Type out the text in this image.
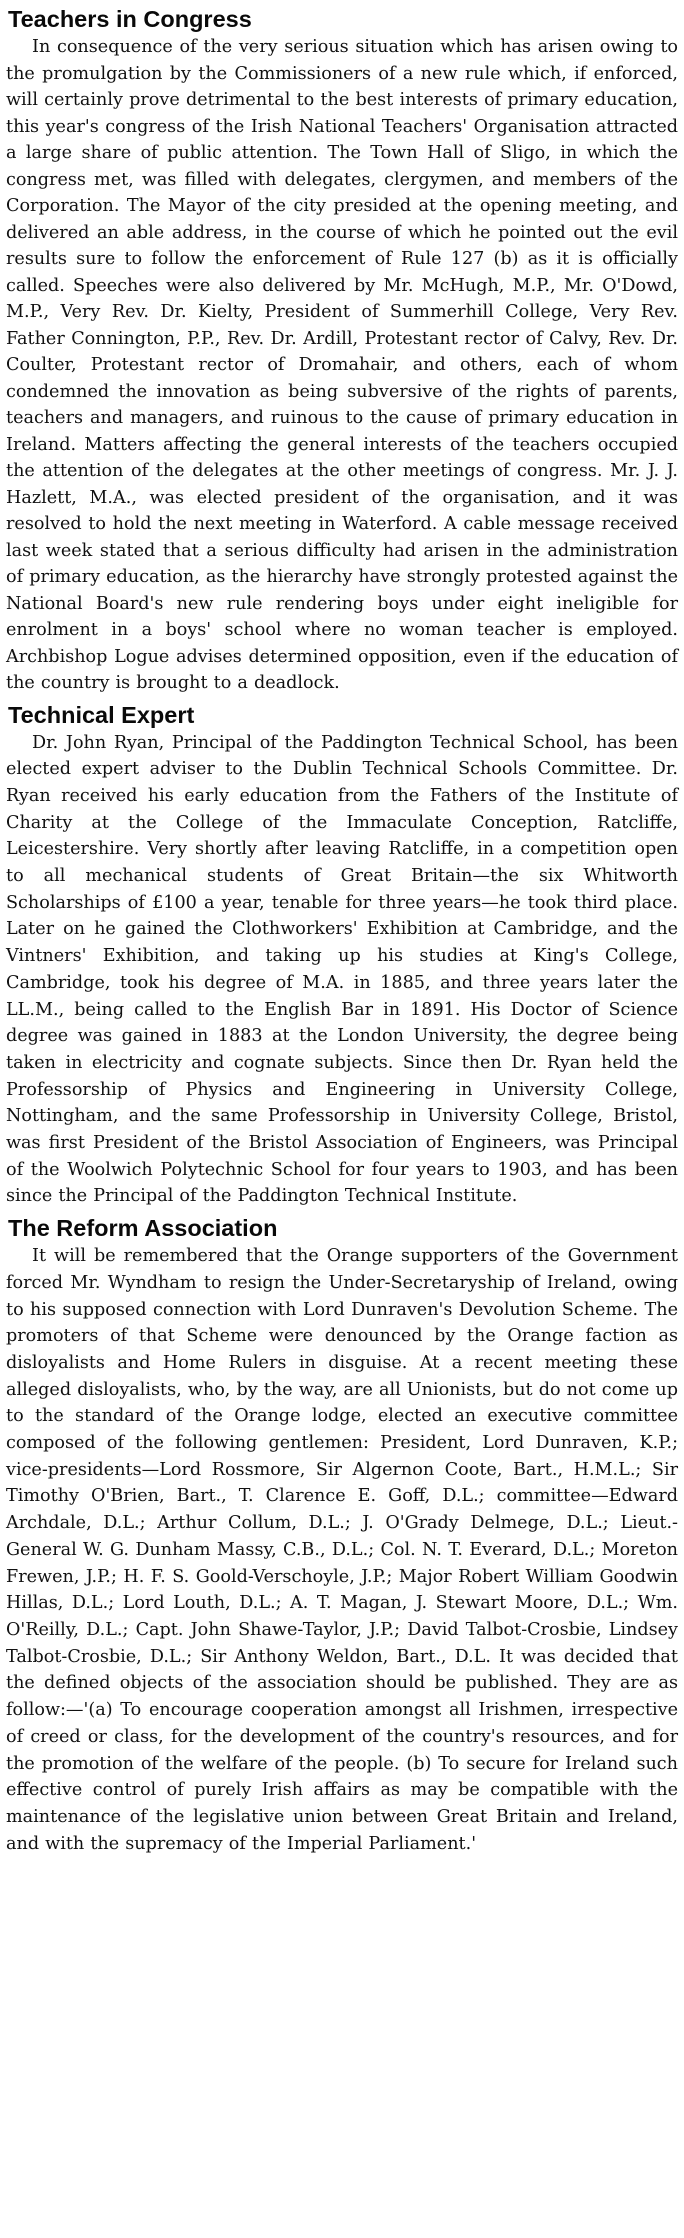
Teachers in Congress

In consequence of the very serious situation which has arisen owing to the promulgation by the Commissioners of a new rule which, if enforced, will certainly prove detrimental to the best interests of primary education, this year's congress of the Irish National Teachers' Organisation attracted a large share of public attention. The Town Hall of Sligo, in which the congress met, was filled with delegates, clergymen, and members of the Corporation. The Mayor of the city presided at the opening meeting, and delivered an able address, in the course of which he pointed out the evil results sure to follow the enforcement of Rule 127 (b) as it is officially called. Speeches were also delivered by Mr. McHugh, M.P., Mr. O'Dowd, M.P., Very Rev. Dr. Kielty, President of Summerhill College, Very Rev. Father Connington, P.P., Rev. Dr. Ardill, Protestant rector of Calvy, Rev. Dr. Coulter, Protestant rector of Dromahair, and others, each of whom condemned the innovation as being subversive of the rights of parents, teachers and managers, and ruinous to the cause of primary education in Ireland. Matters affecting the general interests of the teachers occupied the attention of the delegates at the other meetings of congress. Mr. J. J. Hazlett, M.A., was elected president of the organisation, and it was resolved to hold the next meeting in Waterford. A cable message received last week stated that a serious difficulty had arisen in the administration of primary education, as the hierarchy have strongly protested against the National Board's new rule rendering boys under eight ineligible for enrolment in a boys' school where no woman teacher is employed. Archbishop Logue advises determined opposition, even if the education of the country is brought to a deadlock.

Technical Expert

Dr. John Ryan, Principal of the Paddington Technical School, has been elected expert adviser to the Dublin Technical Schools Committee. Dr. Ryan received his early education from the Fathers of the Institute of Charity at the College of the Immaculate Conception, Ratcliffe, Leicestershire. Very shortly after leaving Ratcliffe, in a competition open to all mechanical students of Great Britain—the six Whitworth Scholarships of £100 a year, tenable for three years—he took third place. Later on he gained the Clothworkers' Exhibition at Cambridge, and the Vintners' Exhibition, and taking up his studies at King's College, Cambridge, took his degree of M.A. in 1885, and three years later the LL.M., being called to the English Bar in 1891. His Doctor of Science degree was gained in 1883 at the London University, the degree being taken in electricity and cognate subjects. Since then Dr. Ryan held the Professorship of Physics and Engineering in University College, Nottingham, and the same Professorship in University College, Bristol, was first President of the Bristol Association of Engineers, was Principal of the Woolwich Polytechnic School for four years to 1903, and has been since the Principal of the Paddington Technical Institute.

The Reform Association

It will be remembered that the Orange supporters of the Government forced Mr. Wyndham to resign the Under-Secretaryship of Ireland, owing to his supposed connection with Lord Dunraven's Devolution Scheme. The promoters of that Scheme were denounced by the Orange faction as disloyalists and Home Rulers in disguise. At a recent meeting these alleged disloyalists, who, by the way, are all Unionists, but do not come up to the standard of the Orange lodge, elected an executive committee composed of the following gentlemen: President, Lord Dunraven, K.P.; vice-presidents—Lord Rossmore, Sir Algernon Coote, Bart., H.M.L.; Sir Timothy O'Brien, Bart., T. Clarence E. Goff, D.L.; committee—Edward Archdale, D.L.; Arthur Collum, D.L.; J. O'Grady Delmege, D.L.; Lieut.-General W. G. Dunham Massy, C.B., D.L.; Col. N. T. Everard, D.L.; Moreton Frewen, J.P.; H. F. S. Goold-Verschoyle, J.P.; Major Robert William Goodwin Hillas, D.L.; Lord Louth, D.L.; A. T. Magan, J. Stewart Moore, D.L.; Wm. O'Reilly, D.L.; Capt. John Shawe-Taylor, J.P.; David Talbot-Crosbie, Lindsey Talbot-Crosbie, D.L.; Sir Anthony Weldon, Bart., D.L. It was decided that the defined objects of the association should be published. They are as follow:—'(a) To encourage cooperation amongst all Irishmen, irrespective of creed or class, for the development of the country's resources, and for the promotion of the welfare of the people. (b) To secure for Ireland such effective control of purely Irish affairs as may be compatible with the maintenance of the legislative union between Great Britain and Ireland, and with the supremacy of the Imperial Parliament.'
